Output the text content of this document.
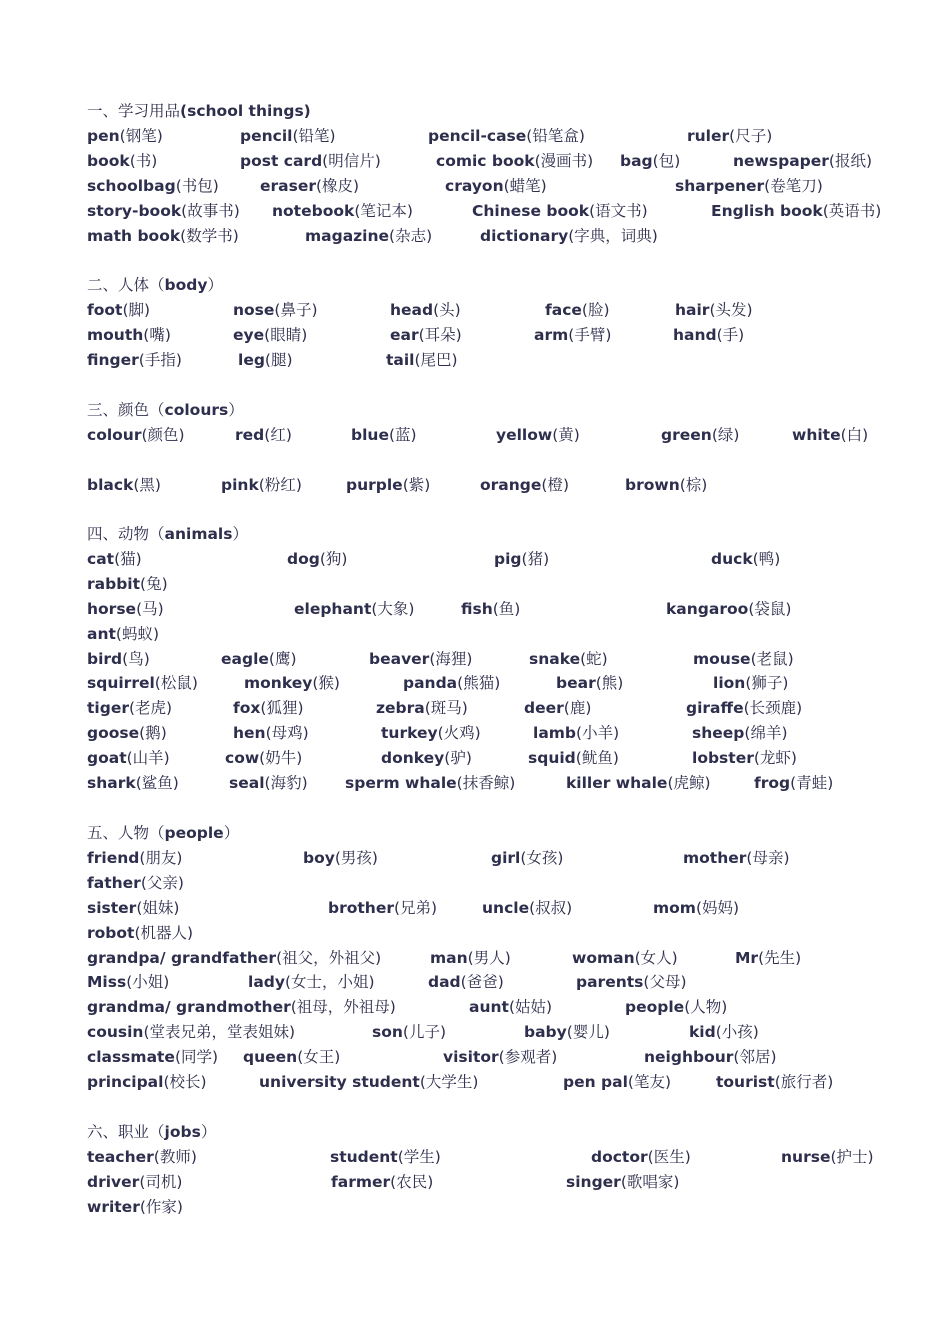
一、学习用品(school things)
pen(钢笔)	pencil(铅笔)	pencil-case(铅笔盒)	ruler(尺子)
book(书)	post card(明信片)	comic book(漫画书) bag(包)	newspaper(报纸)
schoolbag(书包)	eraser(橡皮)	crayon(蜡笔)	sharpener(卷笔刀)
story-book(故事书) notebook(笔记本)	Chinese book(语文书)	English book(英语书)
math book(数学书)	magazine(杂志)	dictionary(字典，词典)
二、人体（body）
foot(脚)	nose(鼻子)	head(头)	face(脸)	hair(头发)
mouth(嘴)	eye(眼睛)	ear(耳朵)	arm(手臂)	hand(手)
finger(手指)	leg(腿)	tail(尾巴)
三、颜色（colours）
colour(颜色)	red(红)	blue(蓝)	yellow(黄)	green(绿)	white(白)
black(黑)	pink(粉红)	purple(紫)	orange(橙)	brown(棕)
四、动物（animals）
cat(猫)	dog(狗)	pig(猪)	duck(鸭)
rabbit(兔)
horse(马)	elephant(大象)	fish(鱼)	kangaroo(袋鼠)
ant(蚂蚁)
bird(鸟)	eagle(鹰)	beaver(海狸)	snake(蛇)	mouse(老鼠)
squirrel(松鼠)	monkey(猴)	panda(熊猫)	bear(熊)	lion(狮子)
tiger(老虎)	fox(狐狸)	zebra(斑马)	deer(鹿)	giraffe(长颈鹿)
goose(鹅)	hen(母鸡)	turkey(火鸡)	lamb(小羊)	sheep(绵羊)
goat(山羊)	cow(奶牛)	donkey(驴)	squid(鱿鱼)	lobster(龙虾)
shark(鲨鱼)	seal(海豹) sperm whale(抹香鲸)	killer whale(虎鲸)	frog(青蛙)
五、人物（people）
friend(朋友)	boy(男孩)	girl(女孩)	mother(母亲)
father(父亲)
sister(姐妹)	brother(兄弟)	uncle(叔叔)	mom(妈妈)
robot(机器人)
grandpa/ grandfather(祖父，外祖父)	man(男人)	woman(女人)	Mr(先生)
Miss(小姐)	lady(女士，小姐)	dad(爸爸)	parents(父母)
grandma/ grandmother(祖母，外祖母)	aunt(姑姑)	people(人物)
cousin(堂表兄弟，堂表姐妹)	son(儿子)	baby(婴儿)	kid(小孩)
classmate(同学) queen(女王)	visitor(参观者)	neighbour(邻居)
principal(校长)	university student(大学生)	pen pal(笔友)	tourist(旅行者)
六、职业（jobs）
teacher(教师)	student(学生)	doctor(医生)	nurse(护士)
driver(司机)	farmer(农民)	singer(歌唱家)
writer(作家)
